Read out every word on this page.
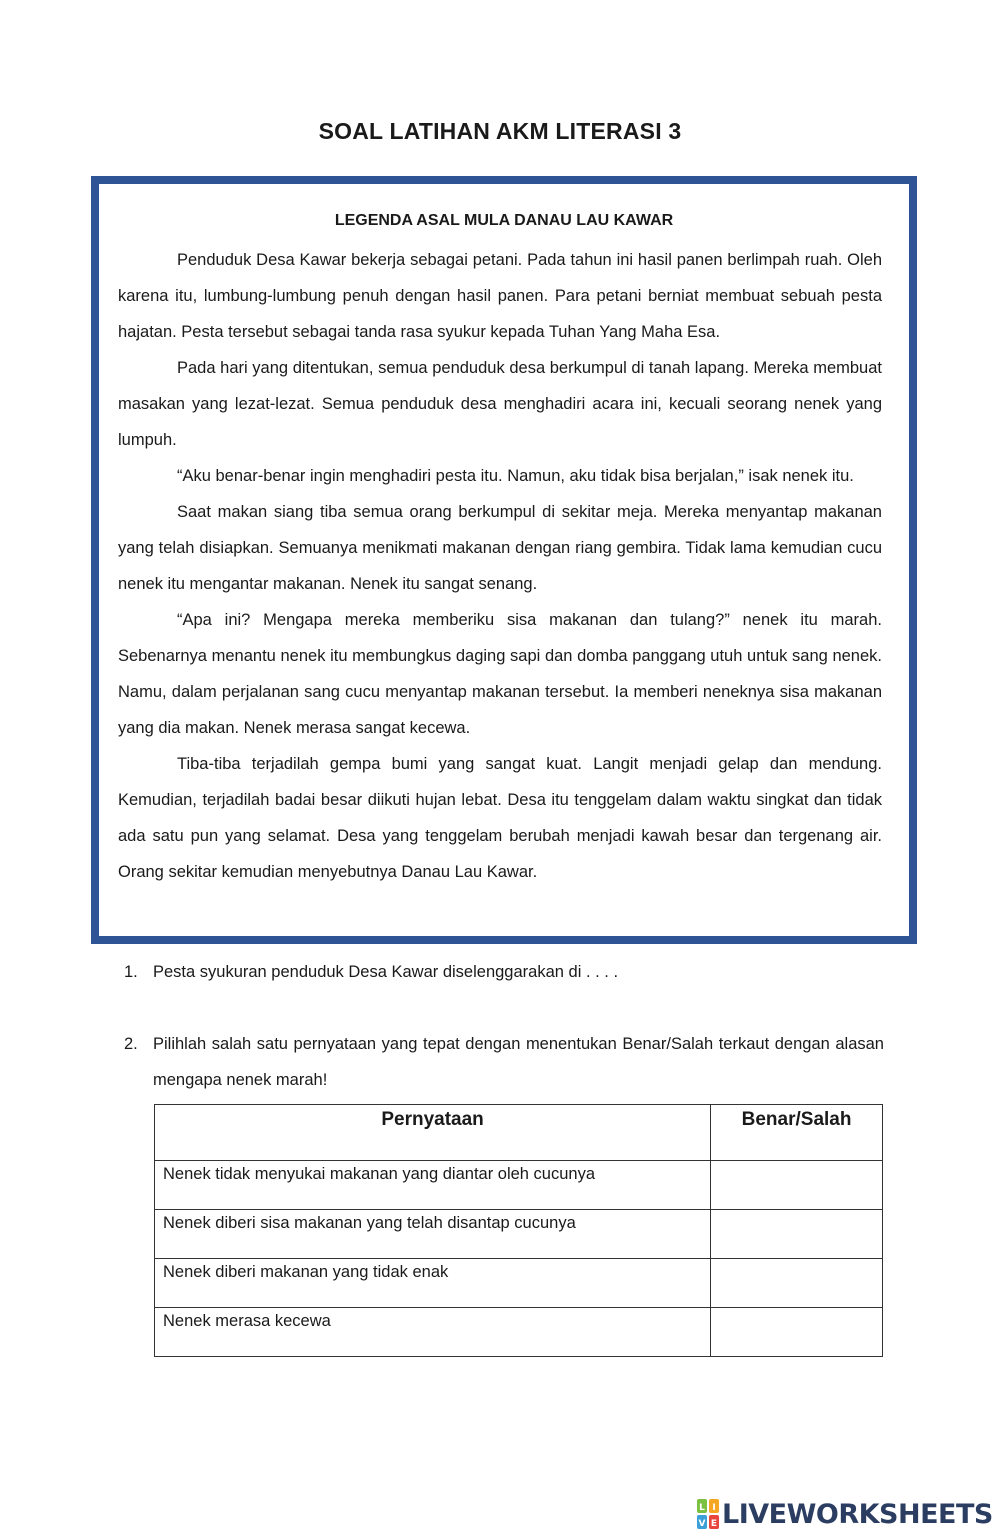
SOAL LATIHAN AKM LITERASI 3
LEGENDA ASAL MULA DANAU LAU KAWAR

Penduduk Desa Kawar bekerja sebagai petani. Pada tahun ini hasil panen berlimpah ruah. Oleh karena itu, lumbung-lumbung penuh dengan hasil panen. Para petani berniat membuat sebuah pesta hajatan. Pesta tersebut sebagai tanda rasa syukur kepada Tuhan Yang Maha Esa.

Pada hari yang ditentukan, semua penduduk desa berkumpul di tanah lapang. Mereka membuat masakan yang lezat-lezat. Semua penduduk desa menghadiri acara ini, kecuali seorang nenek yang lumpuh.

“Aku benar-benar ingin menghadiri pesta itu. Namun, aku tidak bisa berjalan,” isak nenek itu.

Saat makan siang tiba semua orang berkumpul di sekitar meja. Mereka menyantap makanan yang telah disiapkan. Semuanya menikmati makanan dengan riang gembira. Tidak lama kemudian cucu nenek itu mengantar makanan. Nenek itu sangat senang.

“Apa ini? Mengapa mereka memberiku sisa makanan dan tulang?” nenek itu marah. Sebenarnya menantu nenek itu membungkus daging sapi dan domba panggang utuh untuk sang nenek. Namu, dalam perjalanan sang cucu menyantap makanan tersebut. Ia memberi neneknya sisa makanan yang dia makan. Nenek merasa sangat kecewa.

Tiba-tiba terjadilah gempa bumi yang sangat kuat. Langit menjadi gelap dan mendung. Kemudian, terjadilah badai besar diikuti hujan lebat. Desa itu tenggelam dalam waktu singkat dan tidak ada satu pun yang selamat. Desa yang tenggelam berubah menjadi kawah besar dan tergenang air. Orang sekitar kemudian menyebutnya Danau Lau Kawar.

1. Pesta syukuran penduduk Desa Kawar diselenggarakan di . . . .
2. Pilihlah salah satu pernyataan yang tepat dengan menentukan Benar/Salah terkaut dengan alasan mengapa nenek marah!
Pernyataan	Benar/Salah
Nenek tidak menyukai makanan yang diantar oleh cucunya	
Nenek diberi sisa makanan yang telah disantap cucunya	
Nenek diberi makanan yang tidak enak	
Nenek merasa kecewa	
L I
V E LIVEWORKSHEETS
